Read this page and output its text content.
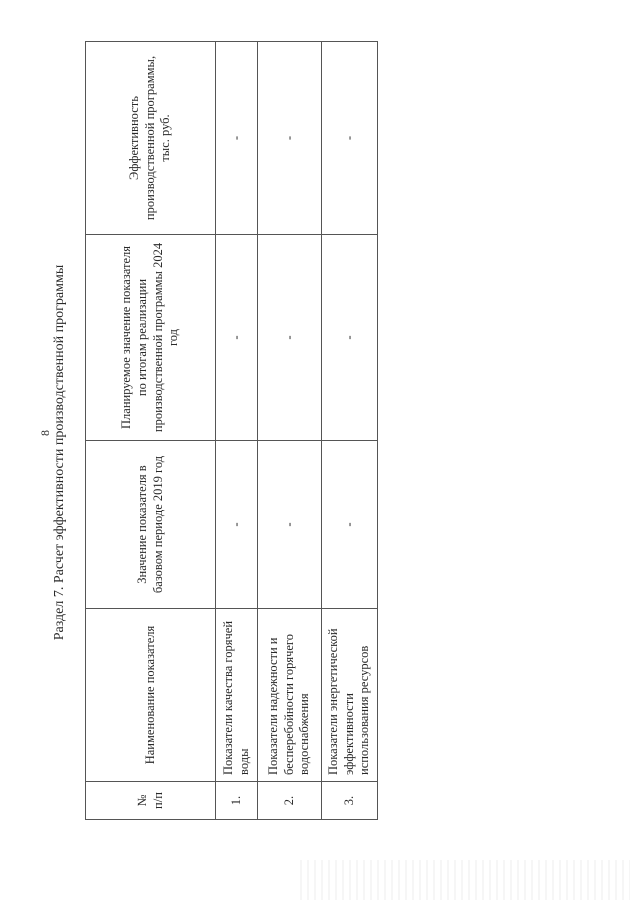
8 Раздел 7. Расчет эффективности производственной программы
№ п/п	Наименование показателя	Значение показателя в базовом периоде 2019 год	Планируемое значение показателя по итогам реализации производственной программы 2024 год	Эффективность производственной программы, тыс. руб.
1.	Показатели качества горячей воды	-	-	-
2.	Показатели надежности и бесперебойности горячего водоснабжения	-	-	-
3.	Показатели энергетической эффективности использования ресурсов	-	-	-
